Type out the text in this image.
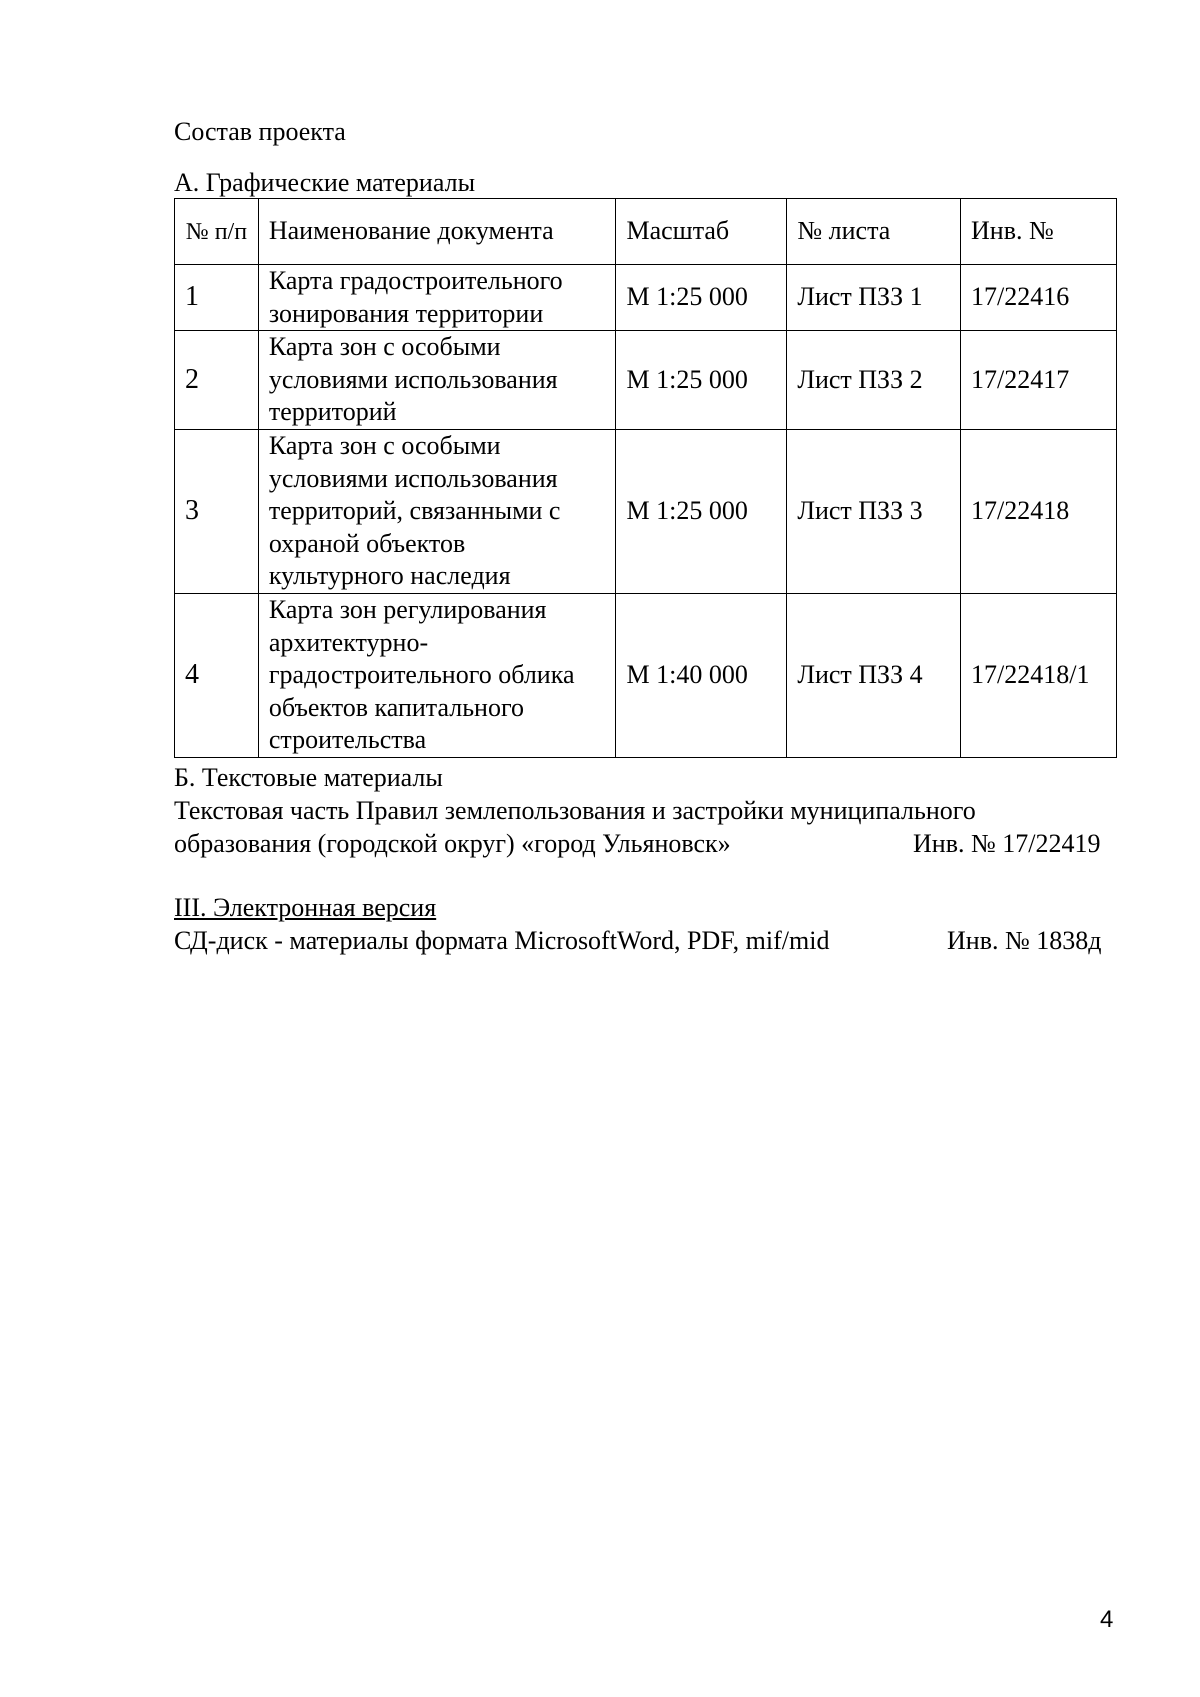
Состав проекта
А. Графические материалы
№ п/п	Наименование документа	Масштаб	№ листа	Инв. №
1	Карта градостроительного зонирования территории	М 1:25 000	Лист ПЗЗ 1	17/22416
2	Карта зон с особыми условиями использования территорий	М 1:25 000	Лист ПЗЗ 2	17/22417
3	Карта зон с особыми условиями использования территорий, связанными с охраной объектов культурного наследия	М 1:25 000	Лист ПЗЗ 3	17/22418
4	Карта зон регулирования архитектурно-градостроительного облика объектов капитального строительства	М 1:40 000	Лист ПЗЗ 4	17/22418/1
Б. Текстовые материалы
Текстовая часть Правил землепользования и застройки муниципального
образования (городской округ) «город Ульяновск»	Инв. № 17/22419
III. Электронная версия
СД-диск - материалы формата MicrosoftWord, PDF, mif/mid	Инв. № 1838д
4
